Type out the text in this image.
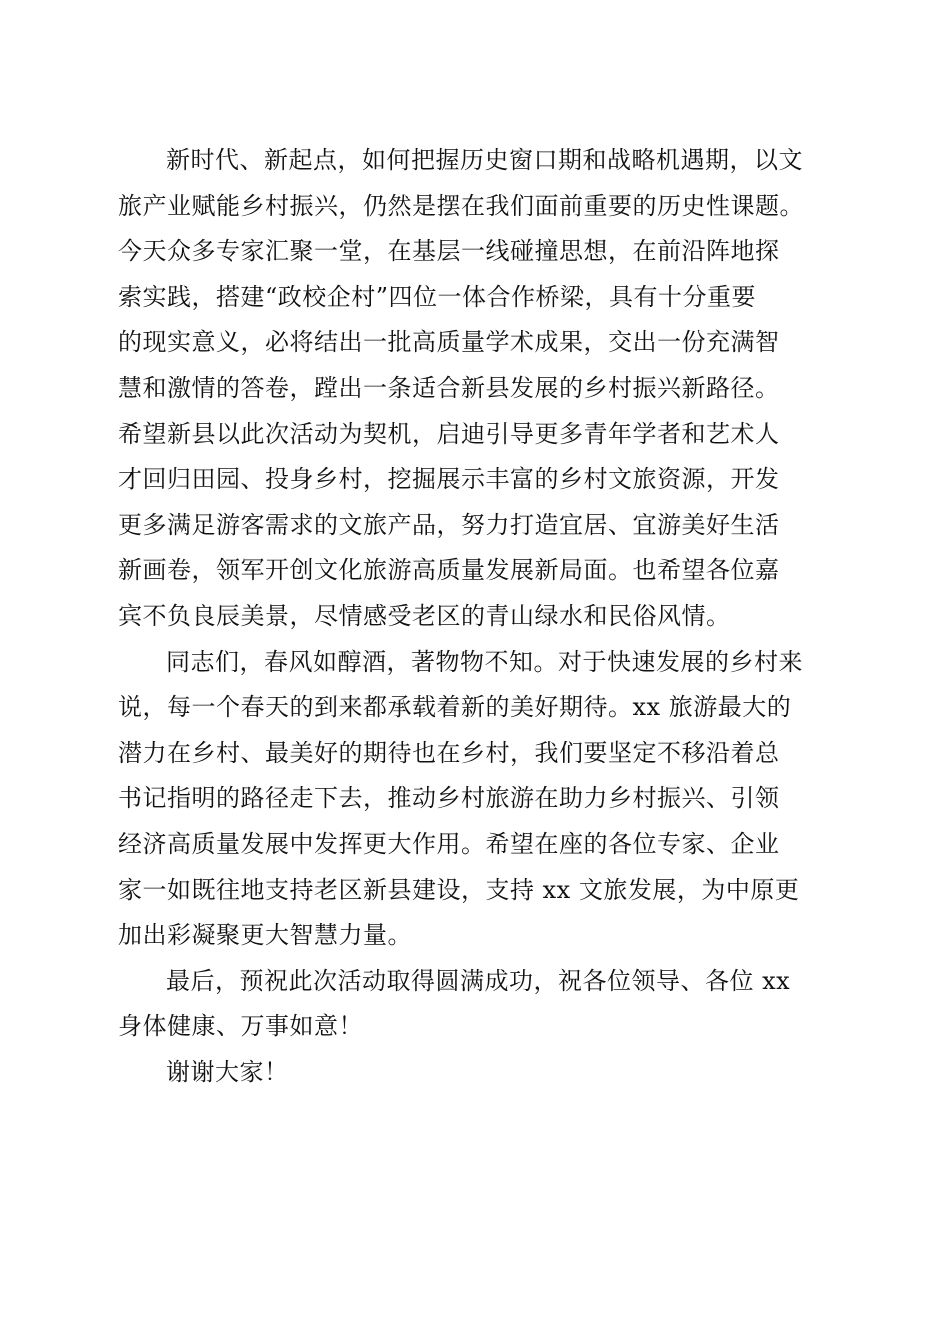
新时代、新起点，如何把握历史窗口期和战略机遇期，以文
旅产业赋能乡村振兴，仍然是摆在我们面前重要的历史性课题。
今天众多专家汇聚一堂，在基层一线碰撞思想，在前沿阵地探
索实践，搭建“政校企村”四位一体合作桥梁，具有十分重要
的现实意义，必将结出一批高质量学术成果，交出一份充满智
慧和激情的答卷，蹚出一条适合新县发展的乡村振兴新路径。
希望新县以此次活动为契机，启迪引导更多青年学者和艺术人
才回归田园、投身乡村，挖掘展示丰富的乡村文旅资源，开发
更多满足游客需求的文旅产品，努力打造宜居、宜游美好生活
新画卷，领军开创文化旅游高质量发展新局面。也希望各位嘉
宾不负良辰美景，尽情感受老区的青山绿水和民俗风情。

同志们，春风如醇酒，著物物不知。对于快速发展的乡村来
说，每一个春天的到来都承载着新的美好期待。xx 旅游最大的
潜力在乡村、最美好的期待也在乡村，我们要坚定不移沿着总
书记指明的路径走下去，推动乡村旅游在助力乡村振兴、引领
经济高质量发展中发挥更大作用。希望在座的各位专家、企业
家一如既往地支持老区新县建设，支持 xx 文旅发展，为中原更
加出彩凝聚更大智慧力量。

最后，预祝此次活动取得圆满成功，祝各位领导、各位 xx
身体健康、万事如意！

谢谢大家！
